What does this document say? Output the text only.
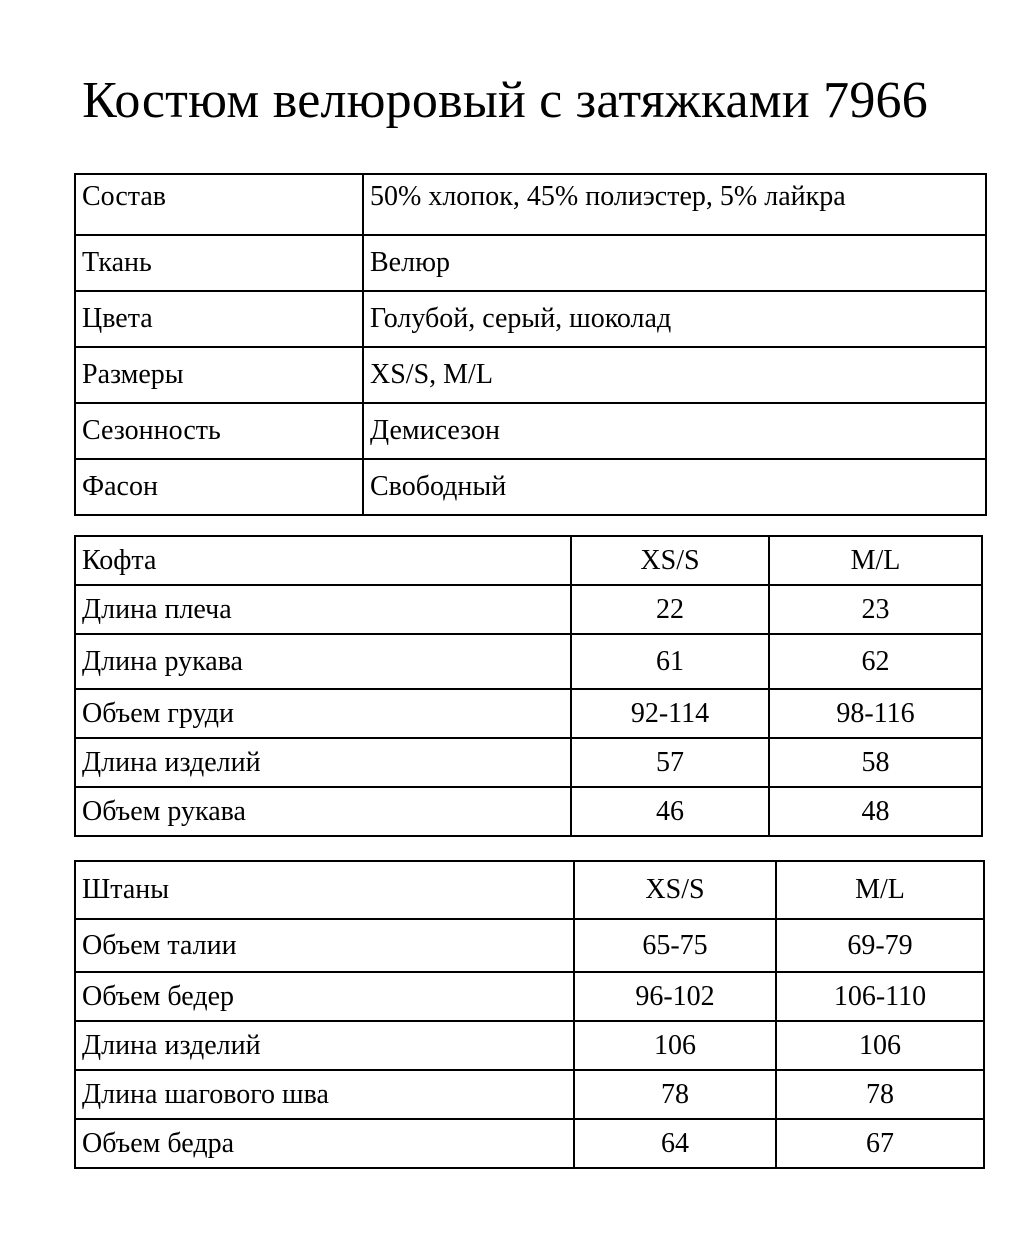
Костюм велюровый с затяжками 7966
Состав	50% хлопок, 45% полиэстер, 5% лайкра
Ткань	Велюр
Цвета	Голубой, серый, шоколад
Размеры	XS/S, M/L
Сезонность	Демисезон
Фасон	Свободный
Кофта	XS/S	M/L
Длина плеча	22	23
Длина рукава	61	62
Объем груди	92-114	98-116
Длина изделий	57	58
Объем рукава	46	48
Штаны	XS/S	M/L
Объем талии	65-75	69-79
Объем бедер	96-102	106-110
Длина изделий	106	106
Длина шагового шва	78	78
Объем бедра	64	67
